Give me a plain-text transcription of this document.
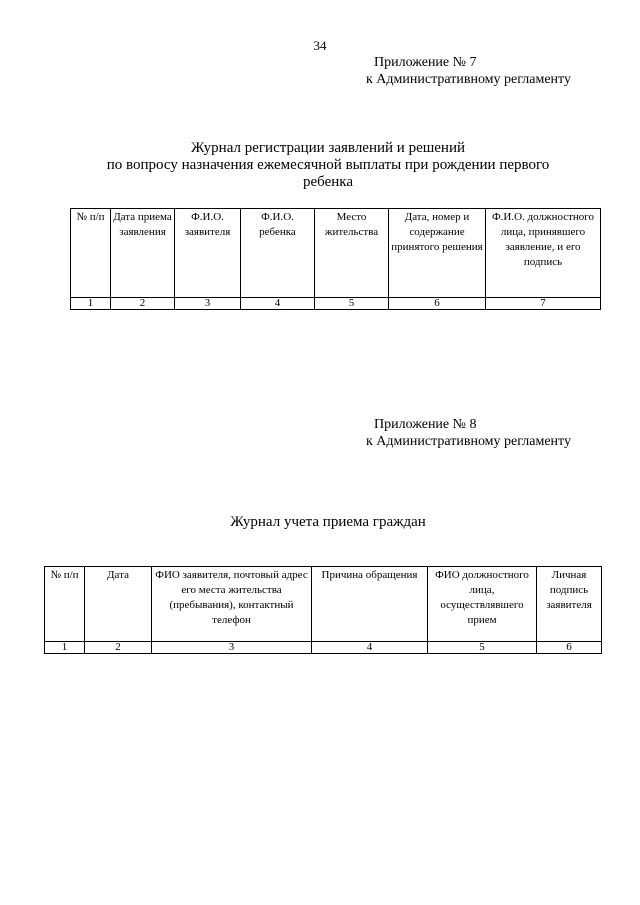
34
Приложение № 7
к Административному регламенту
Журнал регистрации заявлений и решений
по вопросу назначения ежемесячной выплаты при рождении первого
ребенка
№ п/п	Дата приема заявления	Ф.И.О. заявителя	Ф.И.О. ребенка	Место жительства	Дата, номер и содержание принятого решения	Ф.И.О. должностного лица, принявшего заявление, и его подпись
1	2	3	4	5	6	7
Приложение № 8
к Административному регламенту
Журнал учета приема граждан
№ п/п	Дата	ФИО заявителя, почтовый адрес его места жительства (пребывания), контактный телефон	Причина обращения	ФИО должностного лица, осуществлявшего прием	Личная подпись заявителя
1	2	3	4	5	6
